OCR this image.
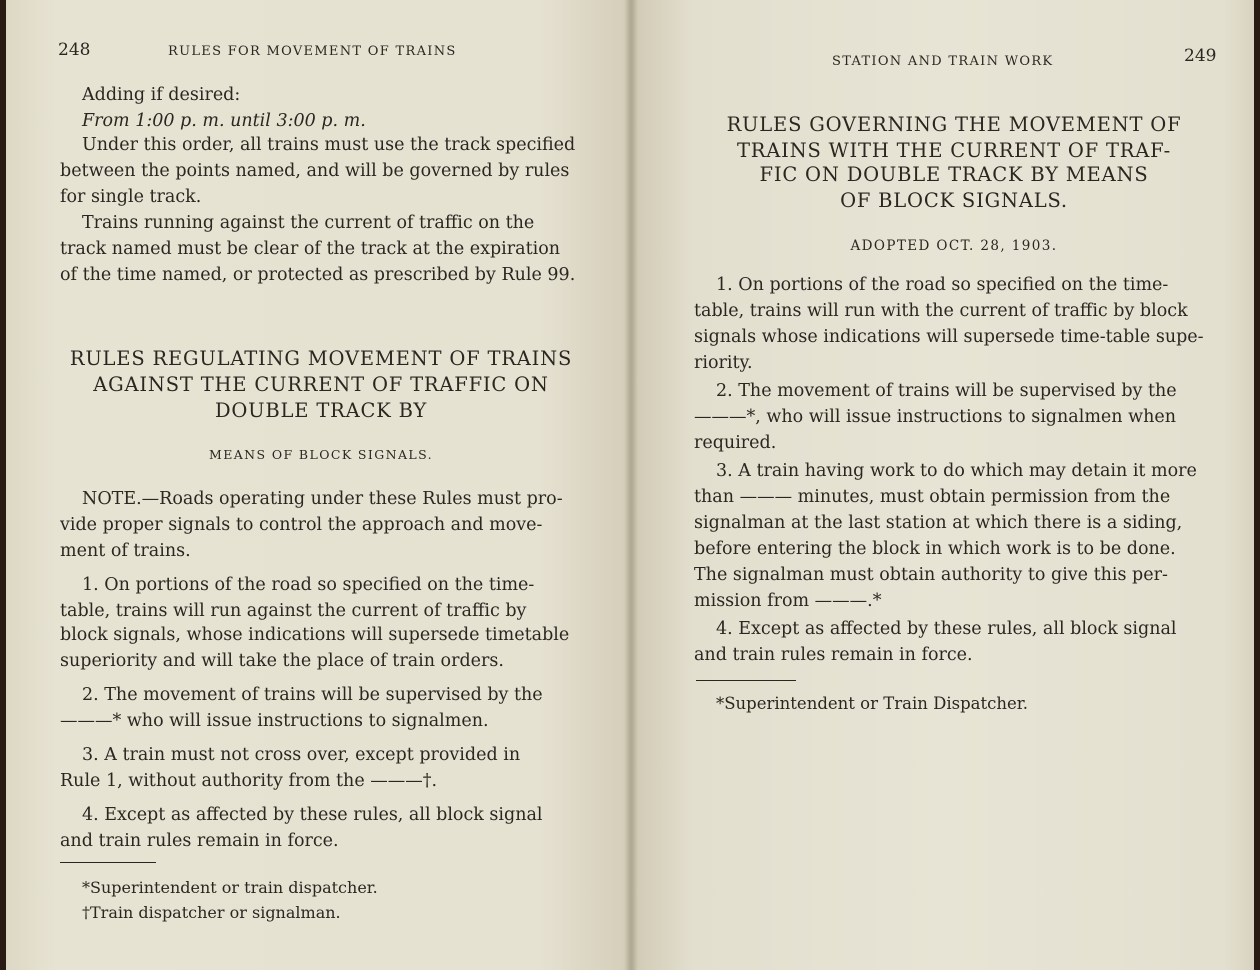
248	RULES FOR MOVEMENT OF TRAINS
Adding if desired:
From 1:00 p. m. until 3:00 p. m.
Under this order, all trains must use the track specified
between the points named, and will be governed by rules
for single track.
Trains running against the current of traffic on the
track named must be clear of the track at the expiration
of the time named, or protected as prescribed by Rule 99.
RULES REGULATING MOVEMENT OF TRAINS
AGAINST THE CURRENT OF TRAFFIC ON
DOUBLE TRACK BY
MEANS OF BLOCK SIGNALS.
NOTE.—Roads operating under these Rules must pro-
vide proper signals to control the approach and move-
ment of trains.
1. On portions of the road so specified on the time-
table, trains will run against the current of traffic by
block signals, whose indications will supersede timetable
superiority and will take the place of train orders.
2. The movement of trains will be supervised by the
———* who will issue instructions to signalmen.
3. A train must not cross over, except provided in
Rule 1, without authority from the ———†.
4. Except as affected by these rules, all block signal
and train rules remain in force.
*Superintendent or train dispatcher.
†Train dispatcher or signalman.
STATION AND TRAIN WORK	249
RULES GOVERNING THE MOVEMENT OF
TRAINS WITH THE CURRENT OF TRAF-
FIC ON DOUBLE TRACK BY MEANS
OF BLOCK SIGNALS.
ADOPTED OCT. 28, 1903.
1. On portions of the road so specified on the time-
table, trains will run with the current of traffic by block
signals whose indications will supersede time-table supe-
riority.
2. The movement of trains will be supervised by the
———*, who will issue instructions to signalmen when
required.
3. A train having work to do which may detain it more
than ——— minutes, must obtain permission from the
signalman at the last station at which there is a siding,
before entering the block in which work is to be done.
The signalman must obtain authority to give this per-
mission from ———.*
4. Except as affected by these rules, all block signal
and train rules remain in force.
*Superintendent or Train Dispatcher.
